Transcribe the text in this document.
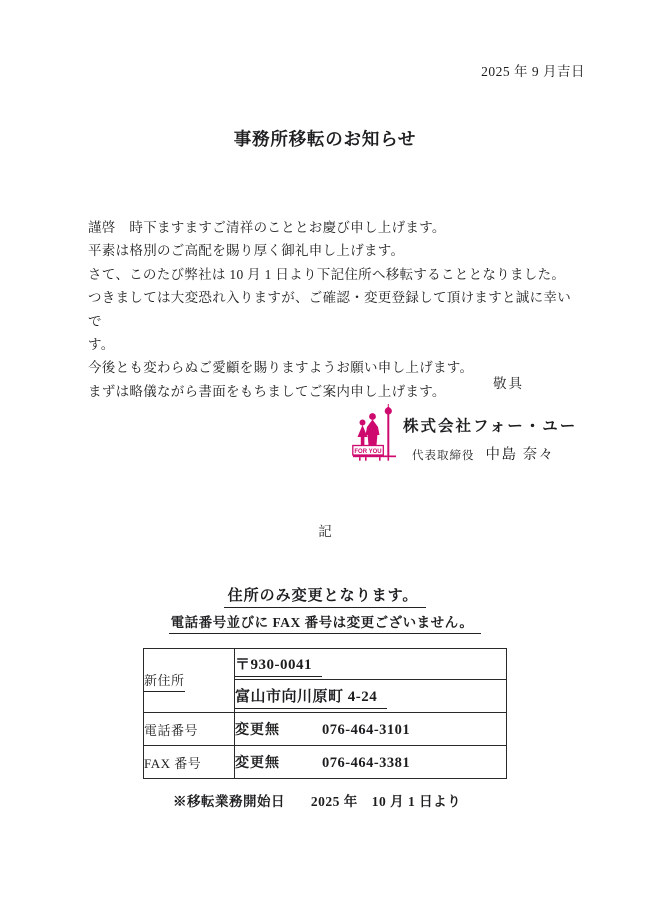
2025 年 9 月吉日
事務所移転のお知らせ
謹啓　時下ますますご清祥のこととお慶び申し上げます。
平素は格別のご高配を賜り厚く御礼申し上げます。
さて、このたび弊社は 10 月 1 日より下記住所へ移転することとなりました。
つきましては大変恐れ入りますが、ご確認・変更登録して頂けますと誠に幸いで
す。
今後とも変わらぬご愛顧を賜りますようお願い申し上げます。
まずは略儀ながら書面をもちましてご案内申し上げます。
敬具
FOR YOU
株式会社フォー・ユー
代表取締役 中島 奈々
記
住所のみ変更となります。
電話番号並びに FAX 番号は変更ございません。
新住所	〒930-0041
	富山市向川原町 4-24
電話番号	変更無 076-464-3101
FAX 番号	変更無 076-464-3381
※移転業務開始日 2025 年　10 月 1 日より
